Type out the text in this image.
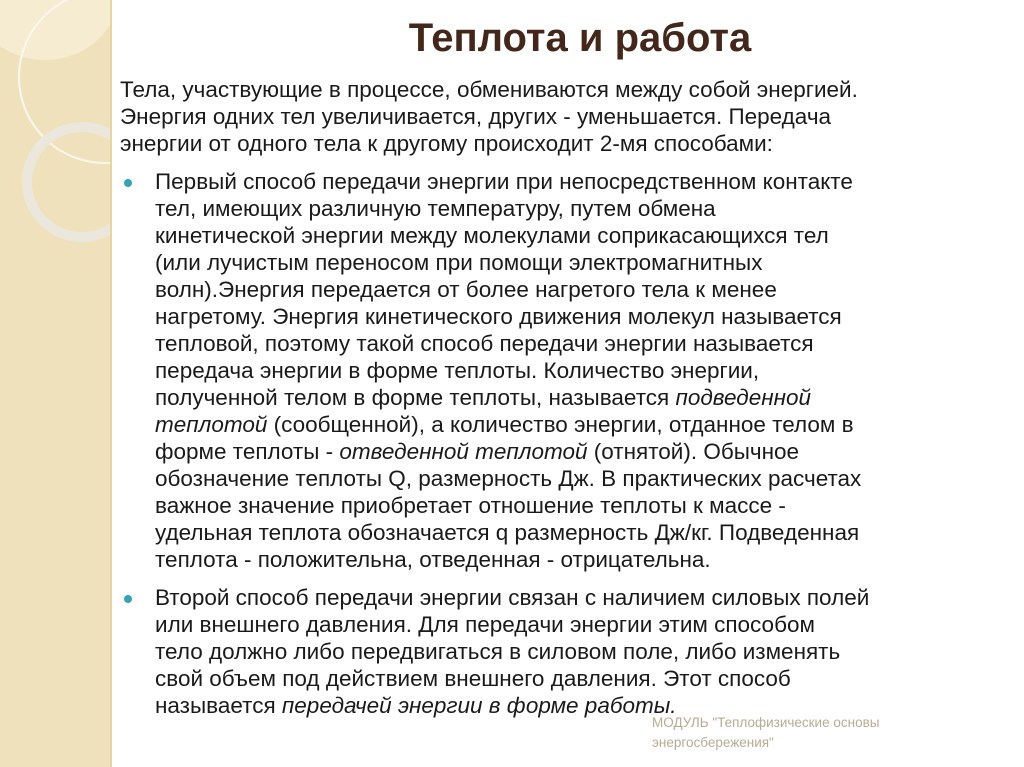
Теплота и работа
Тела, участвующие в процессе, обмениваются между собой энергией.
Энергия одних тел увеличивается, других - уменьшается. Передача
энергии от одного тела к другому происходит 2-мя способами:
Первый способ передачи энергии при непосредственном контакте
тел, имеющих различную температуру, путем обмена
кинетической энергии между молекулами соприкасающихся тел
(или лучистым переносом при помощи электромагнитных
волн).Энергия передается от более нагретого тела к менее
нагретому. Энергия кинетического движения молекул называется
тепловой, поэтому такой способ передачи энергии называется
передача энергии в форме теплоты. Количество энергии,
полученной телом в форме теплоты, называется подведенной
теплотой (сообщенной), а количество энергии, отданное телом в
форме теплоты - отведенной теплотой (отнятой). Обычное
обозначение теплоты Q, размерность Дж. В практических расчетах
важное значение приобретает отношение теплоты к массе -
удельная теплота обозначается q размерность Дж/кг. Подведенная
теплота - положительна, отведенная - отрицательна.
Второй способ передачи энергии связан с наличием силовых полей
или внешнего давления. Для передачи энергии этим способом
тело должно либо передвигаться в силовом поле, либо изменять
свой объем под действием внешнего давления. Этот способ
называется передачей энергии в форме работы.
МОДУЛЬ "Теплофизические основы
энергосбережения"
